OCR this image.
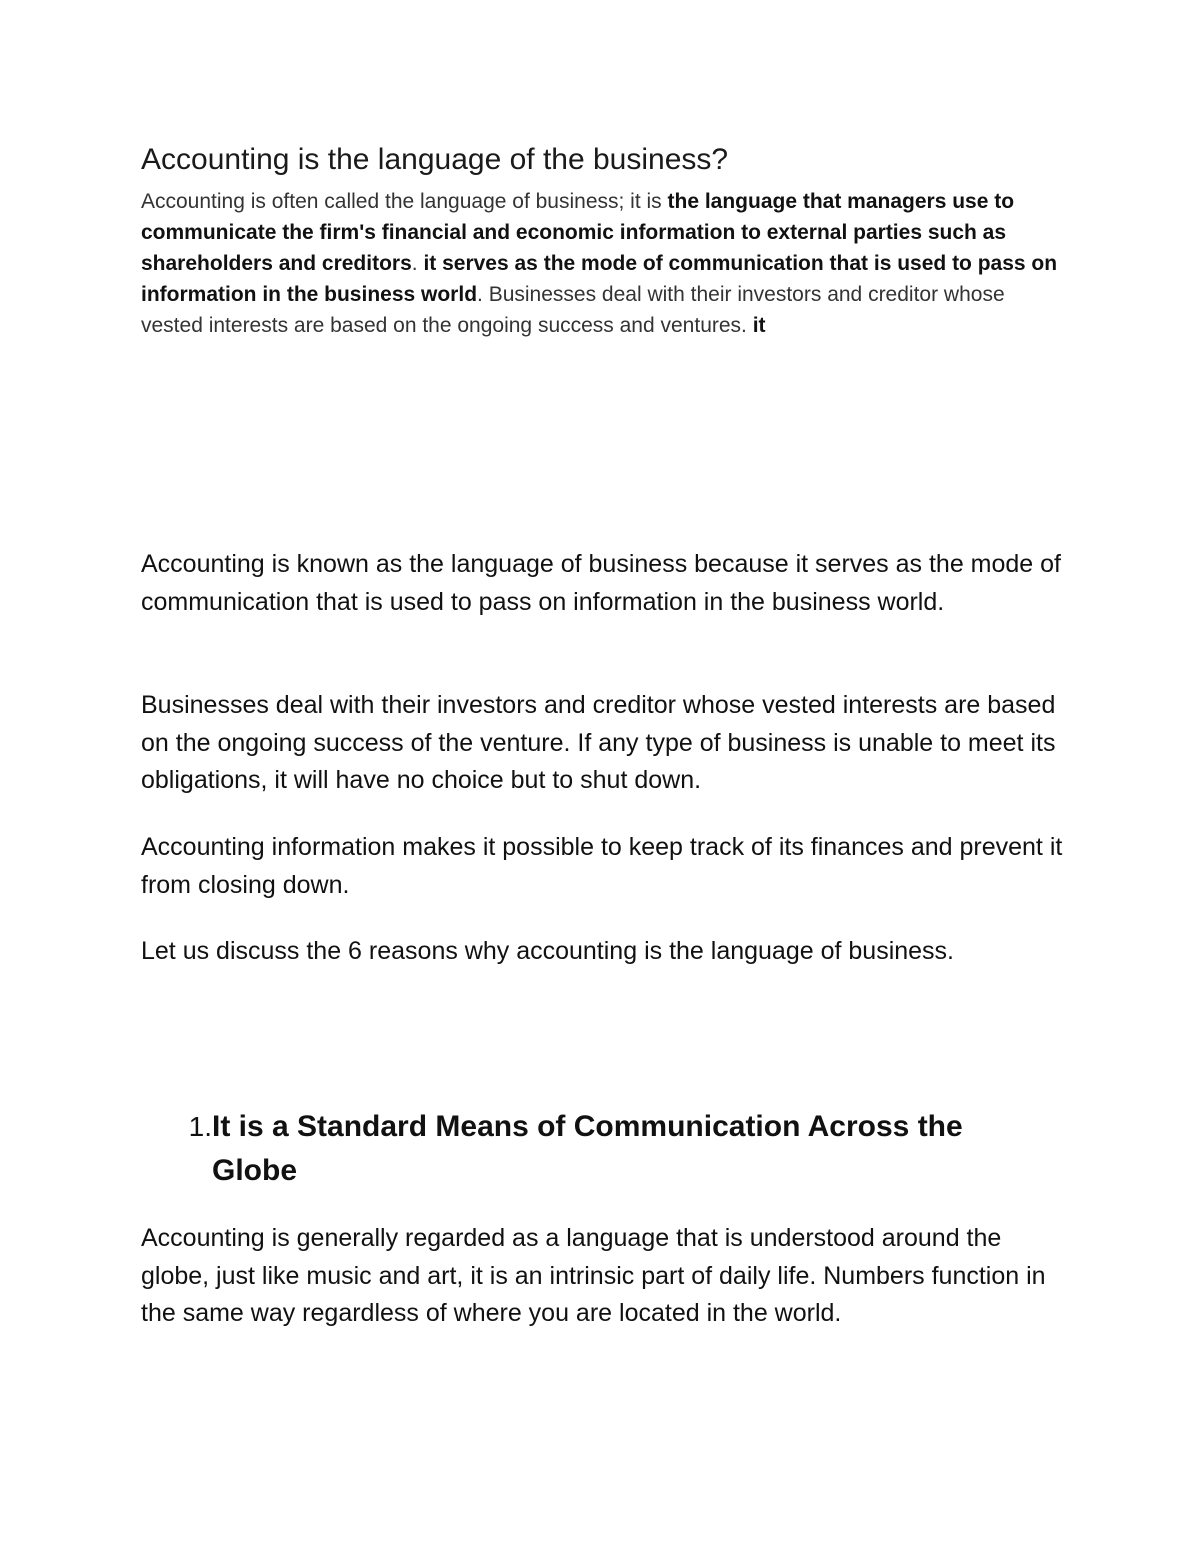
Accounting is the language of the business?

Accounting is often called the language of business; it is the language that managers use to communicate the firm's financial and economic information to external parties such as shareholders and creditors. it serves as the mode of communication that is used to pass on information in the business world. Businesses deal with their investors and creditor whose vested interests are based on the ongoing success and ventures. it

Accounting is known as the language of business because it serves as the mode of communication that is used to pass on information in the business world.

Businesses deal with their investors and creditor whose vested interests are based on the ongoing success of the venture. If any type of business is unable to meet its obligations, it will have no choice but to shut down.

Accounting information makes it possible to keep track of its finances and prevent it from closing down.

Let us discuss the 6 reasons why accounting is the language of business.

1. It is a Standard Means of Communication Across the Globe

Accounting is generally regarded as a language that is understood around the globe, just like music and art, it is an intrinsic part of daily life. Numbers function in the same way regardless of where you are located in the world.
